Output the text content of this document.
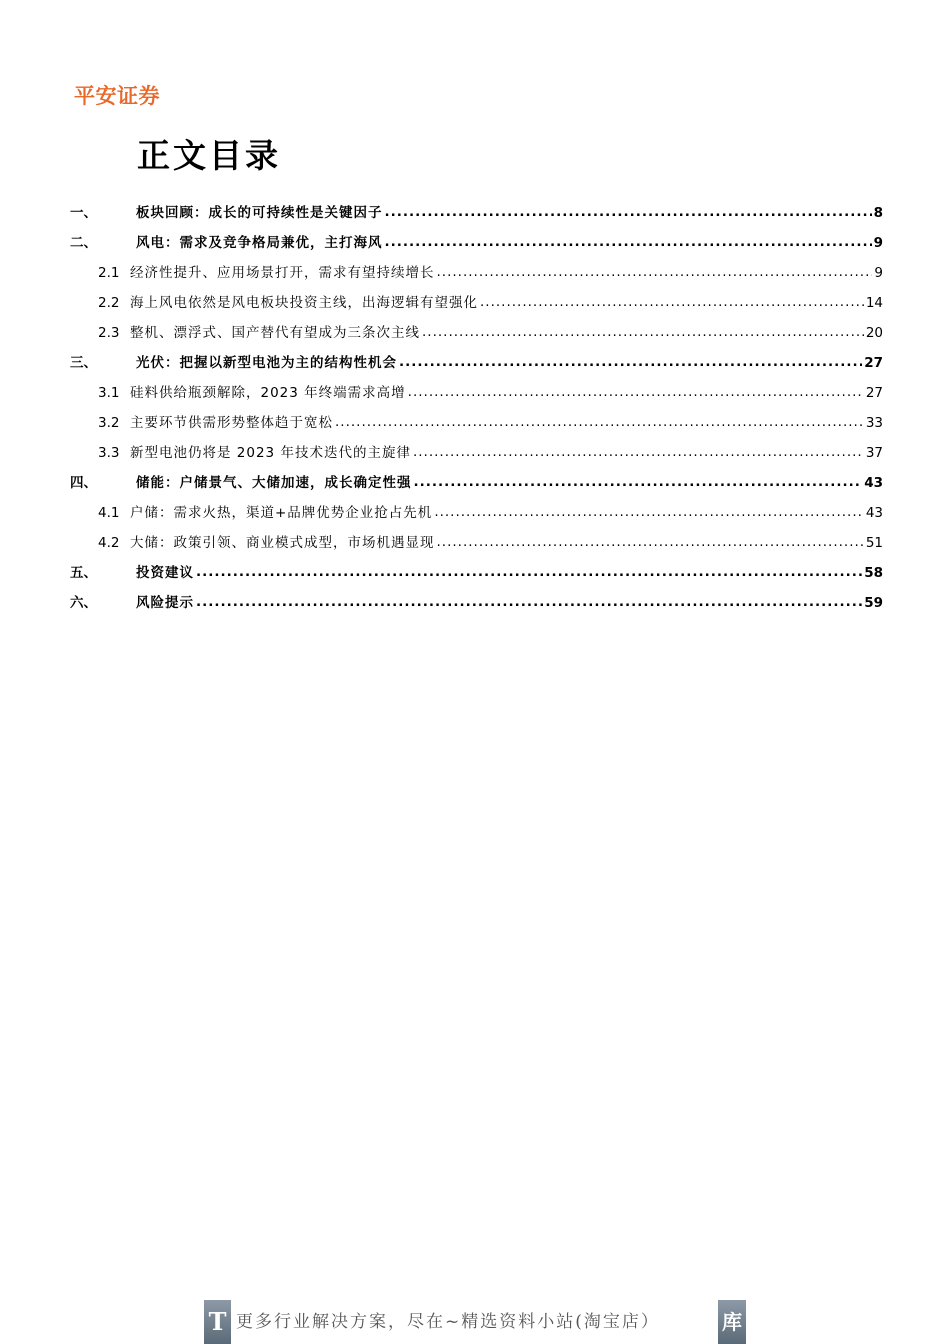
平安证券
正文目录
一、	板块回顾：成长的可持续性是关键因子 .....	8
二、	风电：需求及竞争格局兼优，主打海风 .....	9
2.1 经济性提升、应用场景打开，需求有望持续增长 .....	9
2.2 海上风电依然是风电板块投资主线，出海逻辑有望强化 .....	14
2.3 整机、漂浮式、国产替代有望成为三条次主线 .....	20
三、	光伏：把握以新型电池为主的结构性机会 .....	27
3.1 硅料供给瓶颈解除，2023 年终端需求高增 .....	27
3.2 主要环节供需形势整体趋于宽松 .....	33
3.3 新型电池仍将是 2023 年技术迭代的主旋律 .....	37
四、	储能：户储景气、大储加速，成长确定性强 .....	43
4.1 户储：需求火热，渠道+品牌优势企业抢占先机 .....	43
4.2 大储：政策引领、商业模式成型，市场机遇显现 .....	51
五、	投资建议 .....	58
六、	风险提示 .....	59
T 更多行业解决方案，尽在~精选资料小站(淘宝店）	库
